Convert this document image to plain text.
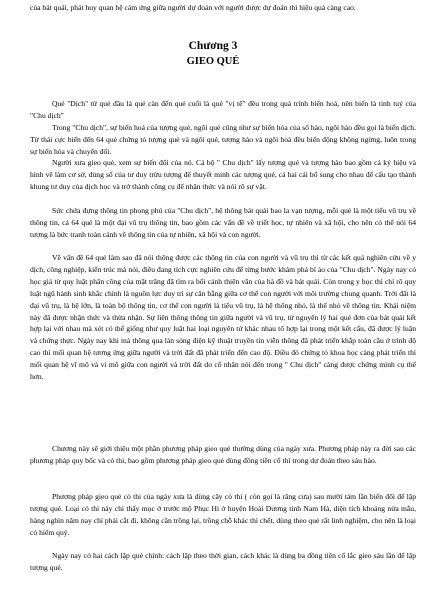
của bát quái, phát huy quan hệ cảm ứng giữa người dự đoán với người được dự đoán thì hiệu quả càng cao.

Chương 3
GIEO QUẺ

Quẻ "Dịch" từ quẻ đầu là quẻ càn đến quẻ cuối là quẻ "vị tế" đều trong quá trình biến hoá, nên biến là tinh tuý của "Chu dịch"

Trong "Chu dịch", sự biến hoá của tượng quẻ, ngôi quẻ cũng như sự biến hóa của số hào, ngôi hào đều gọi là biến dịch. Từ thái cực biến đến 64 quẻ chứng tỏ tượng quẻ và ngôi quẻ, tượng hào và ngôi hoà đều biến động không ngừng, luôn trong sự biến hóa và chuyển đổi.

Người xưa gieo quẻ, xem sự biến đổi của nó. Cả bộ " Chu dịch" lấy tượng quẻ và tượng hào bao gồm cả ký hiệu và hình vẽ làm cơ sở, dùng số của tư duy trừu tượng để thuyết minh các tượng quẻ, cả hai cái bổ sung cho nhau để cấu tạo thành khung tư duy của dịch học và trở thành công cụ để nhận thức và nói rõ sự vật.

Sức chứa đựng thông tin phong phú của "Chu dịch", hệ thông bát quái bao la vạn tượng, mỗi quẻ là một tiểu vũ trụ về thông tin, cả 64 quẻ là một đại vũ trụ thông tin, bao gồm các vấn đề về triết học, tự nhiên và xã hội, cho nên có thể nói 64 tượng là bức tranh toàn cảnh về thông tin của tự nhiên, xã hội và con người.

Về vấn đề 64 quẻ làm sao đã nói thông được các thông tin của con người và vũ trụ thì từ các kết quả nghiên cứu về y dịch, công nghiệp, kiến trúc mà nói, điều đang tích cực nghiên cứu để từng bước khám phá bí ảo của "Chu dịch". Ngày nay có học giả từ quy luật phân công của mặt trăng đã tìm ra bối cảnh thiên văn của hà đồ và bát quái. Còn trong y học thì chỉ rõ quy luật ngũ hành sinh khắc chính là nguồn lực duy trì sự cân bằng giữa cơ thể con người với môi trường chung quanh. Trời đất là đại vũ trụ, là hệ lớn, là toàn bộ thông tin, cơ thể con người là tiểu vũ trụ, là hệ thống nhỏ, là thể nhỏ về thông tin. Khái niệm này đã được nhận thức và thừa nhận. Sự liên thông thông tin giữa người và vũ trụ, từ nguyên lý hai quẻ đơn của bát quái kết hợp lại với nhau mà xét có thể giống như quy luật hai loại nguyên tử khác nhau tổ hợp lại trong một kết cấu, đã được lý luận và chứng thực. Ngày nay khi mà thông qua làn sóng điện kỹ thuật truyền tin viễn thông đã phát triển khắp toàn cầu ở trình độ cao thì mối quan hệ tương ứng giữa người và trời đất đã phát triển đến cao độ. Điều đó chứng tỏ khoa học càng phát triển thì mối quan hệ vĩ mô và vi mô giữa con người và trời đất do cổ nhân nói đến trong " Chu dịch" càng được chứng minh cụ thể hơn.

Chương này sẽ giới thiệu một phần phương pháp gieo quẻ thường dùng của ngày xưa. Phương pháp này ra đời sau các phương pháp quy bốc và cỏ thi, bao gồm phương pháp gieo quẻ dùng đồng tiền cổ thì trong dự đoán theo sáu hào.

Phương pháp gieo quẻ cỏ thi của ngày xưa là dùng cây cỏ thi ( còn gọi là răng cưa) sau mười tám lần biến đổi để lập tượng quẻ. Loại cỏ thi này chỉ thấy mọc ở trước mộ Phục Hi ở huyện Hoài Dương tỉnh Nam Hà, diện tích khoảng nửa mẫu, hàng nghìn năm nay chỉ phải cắt đi, không cần trồng lại, trồng chỗ khác thì chết, dùng theo quẻ rất linh nghiệm, cho nên là loại cỏ hiếm quý.

Ngày nay có hai cách lập quẻ chính: cách lập theo thời gian, cách khác là dùng ba đồng tiền cổ lắc gieo sáu lần để lập tượng quẻ.
